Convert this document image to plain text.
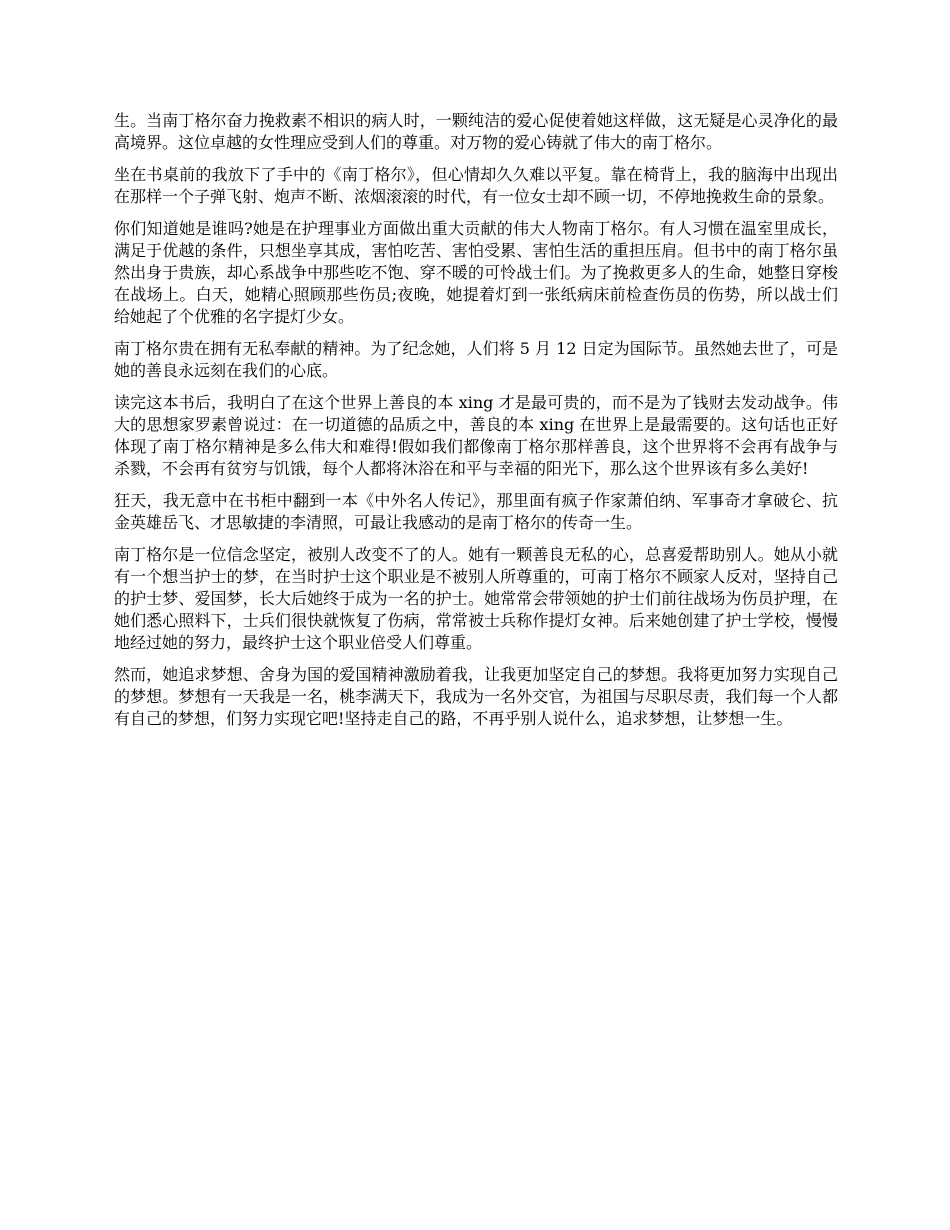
生。当南丁格尔奋力挽救素不相识的病人时，一颗纯洁的爱心促使着她这样做，这无疑是心灵净化的最高境界。这位卓越的女性理应受到人们的尊重。对万物的爱心铸就了伟大的南丁格尔。

坐在书桌前的我放下了手中的《南丁格尔》，但心情却久久难以平复。靠在椅背上，我的脑海中出现出在那样一个子弹飞射、炮声不断、浓烟滚滚的时代，有一位女士却不顾一切，不停地挽救生命的景象。

你们知道她是谁吗?她是在护理事业方面做出重大贡献的伟大人物南丁格尔。有人习惯在温室里成长，满足于优越的条件，只想坐享其成，害怕吃苦、害怕受累、害怕生活的重担压肩。但书中的南丁格尔虽然出身于贵族，却心系战争中那些吃不饱、穿不暖的可怜战士们。为了挽救更多人的生命，她整日穿梭在战场上。白天，她精心照顾那些伤员;夜晚，她提着灯到一张纸病床前检查伤员的伤势，所以战士们给她起了个优雅的名字提灯少女。

南丁格尔贵在拥有无私奉献的精神。为了纪念她，人们将 5 月 12 日定为国际节。虽然她去世了，可是她的善良永远刻在我们的心底。

读完这本书后，我明白了在这个世界上善良的本 xing 才是最可贵的，而不是为了钱财去发动战争。伟大的思想家罗素曾说过：在一切道德的品质之中，善良的本 xing 在世界上是最需要的。这句话也正好体现了南丁格尔精神是多么伟大和难得!假如我们都像南丁格尔那样善良，这个世界将不会再有战争与杀戮，不会再有贫穷与饥饿，每个人都将沐浴在和平与幸福的阳光下，那么这个世界该有多么美好!

狂天，我无意中在书柜中翻到一本《中外名人传记》，那里面有疯子作家萧伯纳、军事奇才拿破仑、抗金英雄岳飞、才思敏捷的李清照，可最让我感动的是南丁格尔的传奇一生。

南丁格尔是一位信念坚定，被别人改变不了的人。她有一颗善良无私的心，总喜爱帮助别人。她从小就有一个想当护士的梦，在当时护士这个职业是不被别人所尊重的，可南丁格尔不顾家人反对，坚持自己的护士梦、爱国梦，长大后她终于成为一名的护士。她常常会带领她的护士们前往战场为伤员护理，在她们悉心照料下，士兵们很快就恢复了伤病，常常被士兵称作提灯女神。后来她创建了护士学校，慢慢地经过她的努力，最终护士这个职业倍受人们尊重。

然而，她追求梦想、舍身为国的爱国精神激励着我，让我更加坚定自己的梦想。我将更加努力实现自己的梦想。梦想有一天我是一名，桃李满天下，我成为一名外交官，为祖国与尽职尽责，我们每一个人都有自己的梦想，们努力实现它吧!坚持走自己的路，不再乎别人说什么，追求梦想，让梦想一生。
